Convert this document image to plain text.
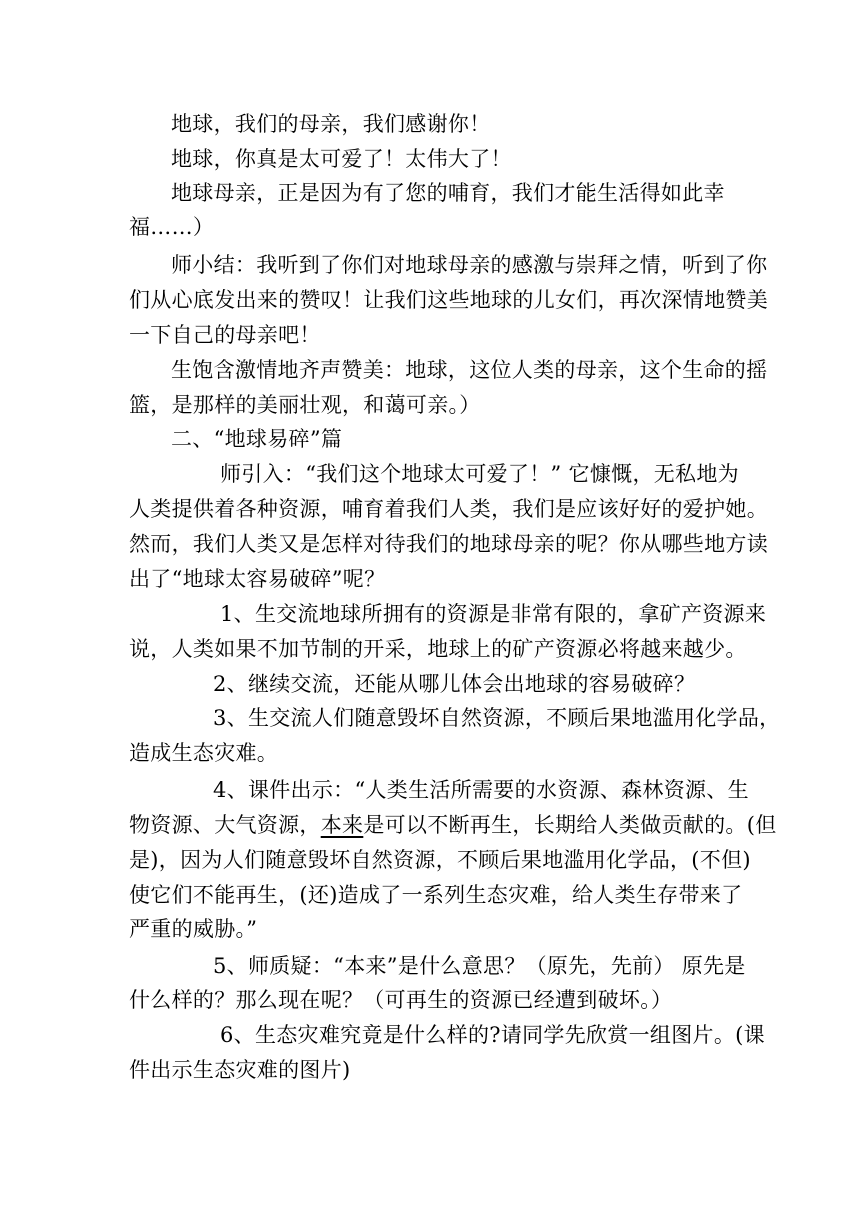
地球，我们的母亲，我们感谢你！
地球，你真是太可爱了！太伟大了！
地球母亲，正是因为有了您的哺育，我们才能生活得如此幸
福……）
师小结：我听到了你们对地球母亲的感激与崇拜之情，听到了你
们从心底发出来的赞叹！让我们这些地球的儿女们，再次深情地赞美
一下自己的母亲吧！
生饱含激情地齐声赞美：地球，这位人类的母亲，这个生命的摇
篮，是那样的美丽壮观，和蔼可亲。）
二、“地球易碎”篇
师引入：“我们这个地球太可爱了！” 它慷慨，无私地为
人类提供着各种资源，哺育着我们人类，我们是应该好好的爱护她。
然而，我们人类又是怎样对待我们的地球母亲的呢？你从哪些地方读
出了“地球太容易破碎”呢？
1、生交流地球所拥有的资源是非常有限的，拿矿产资源来
说，人类如果不加节制的开采，地球上的矿产资源必将越来越少。
2、继续交流，还能从哪儿体会出地球的容易破碎？
3、生交流人们随意毁坏自然资源，不顾后果地滥用化学品，
造成生态灾难。
4、课件出示：“人类生活所需要的水资源、森林资源、生
物资源、大气资源，本来是可以不断再生，长期给人类做贡献的。(但
是)，因为人们随意毁坏自然资源，不顾后果地滥用化学品，(不但)
使它们不能再生，(还)造成了一系列生态灾难，给人类生存带来了
严重的威胁。”
5、师质疑：“本来”是什么意思？（原先，先前） 原先是
什么样的？那么现在呢？（可再生的资源已经遭到破坏。）
6、生态灾难究竟是什么样的?请同学先欣赏一组图片。(课
件出示生态灾难的图片)
